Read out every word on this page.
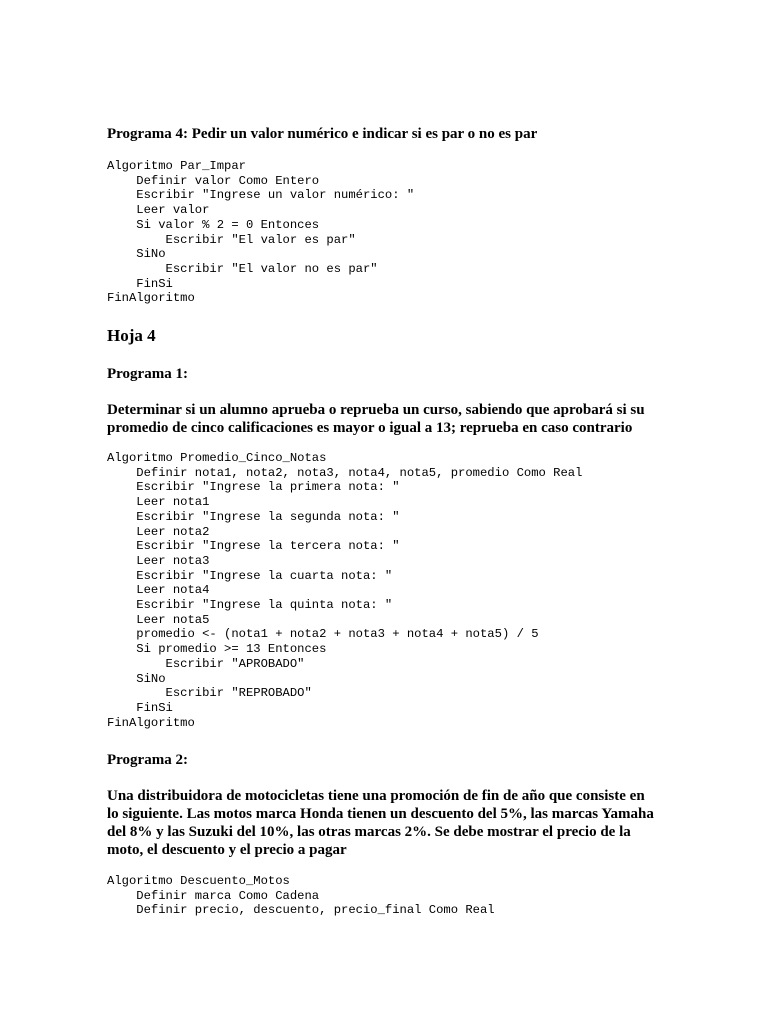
Programa 4: Pedir un valor numérico e indicar si es par o no es par

Algoritmo Par_Impar
Definir valor Como Entero
Escribir "Ingrese un valor numérico: "
Leer valor
Si valor % 2 = 0 Entonces
Escribir "El valor es par"
SiNo
Escribir "El valor no es par"
FinSi
FinAlgoritmo
Hoja 4

Programa 1:

Determinar si un alumno aprueba o reprueba un curso, sabiendo que aprobará si su

promedio de cinco calificaciones es mayor o igual a 13; reprueba en caso contrario

Algoritmo Promedio_Cinco_Notas
Definir nota1, nota2, nota3, nota4, nota5, promedio Como Real
Escribir "Ingrese la primera nota: "
Leer nota1
Escribir "Ingrese la segunda nota: "
Leer nota2
Escribir "Ingrese la tercera nota: "
Leer nota3
Escribir "Ingrese la cuarta nota: "
Leer nota4
Escribir "Ingrese la quinta nota: "
Leer nota5
promedio <- (nota1 + nota2 + nota3 + nota4 + nota5) / 5
Si promedio >= 13 Entonces
Escribir "APROBADO"
SiNo
Escribir "REPROBADO"
FinSi
FinAlgoritmo

Programa 2:

Una distribuidora de motocicletas tiene una promoción de fin de año que consiste en

lo siguiente. Las motos marca Honda tienen un descuento del 5%, las marcas Yamaha

del 8% y las Suzuki del 10%, las otras marcas 2%. Se debe mostrar el precio de la

moto, el descuento y el precio a pagar

Algoritmo Descuento_Motos
Definir marca Como Cadena
Definir precio, descuento, precio_final Como Real
